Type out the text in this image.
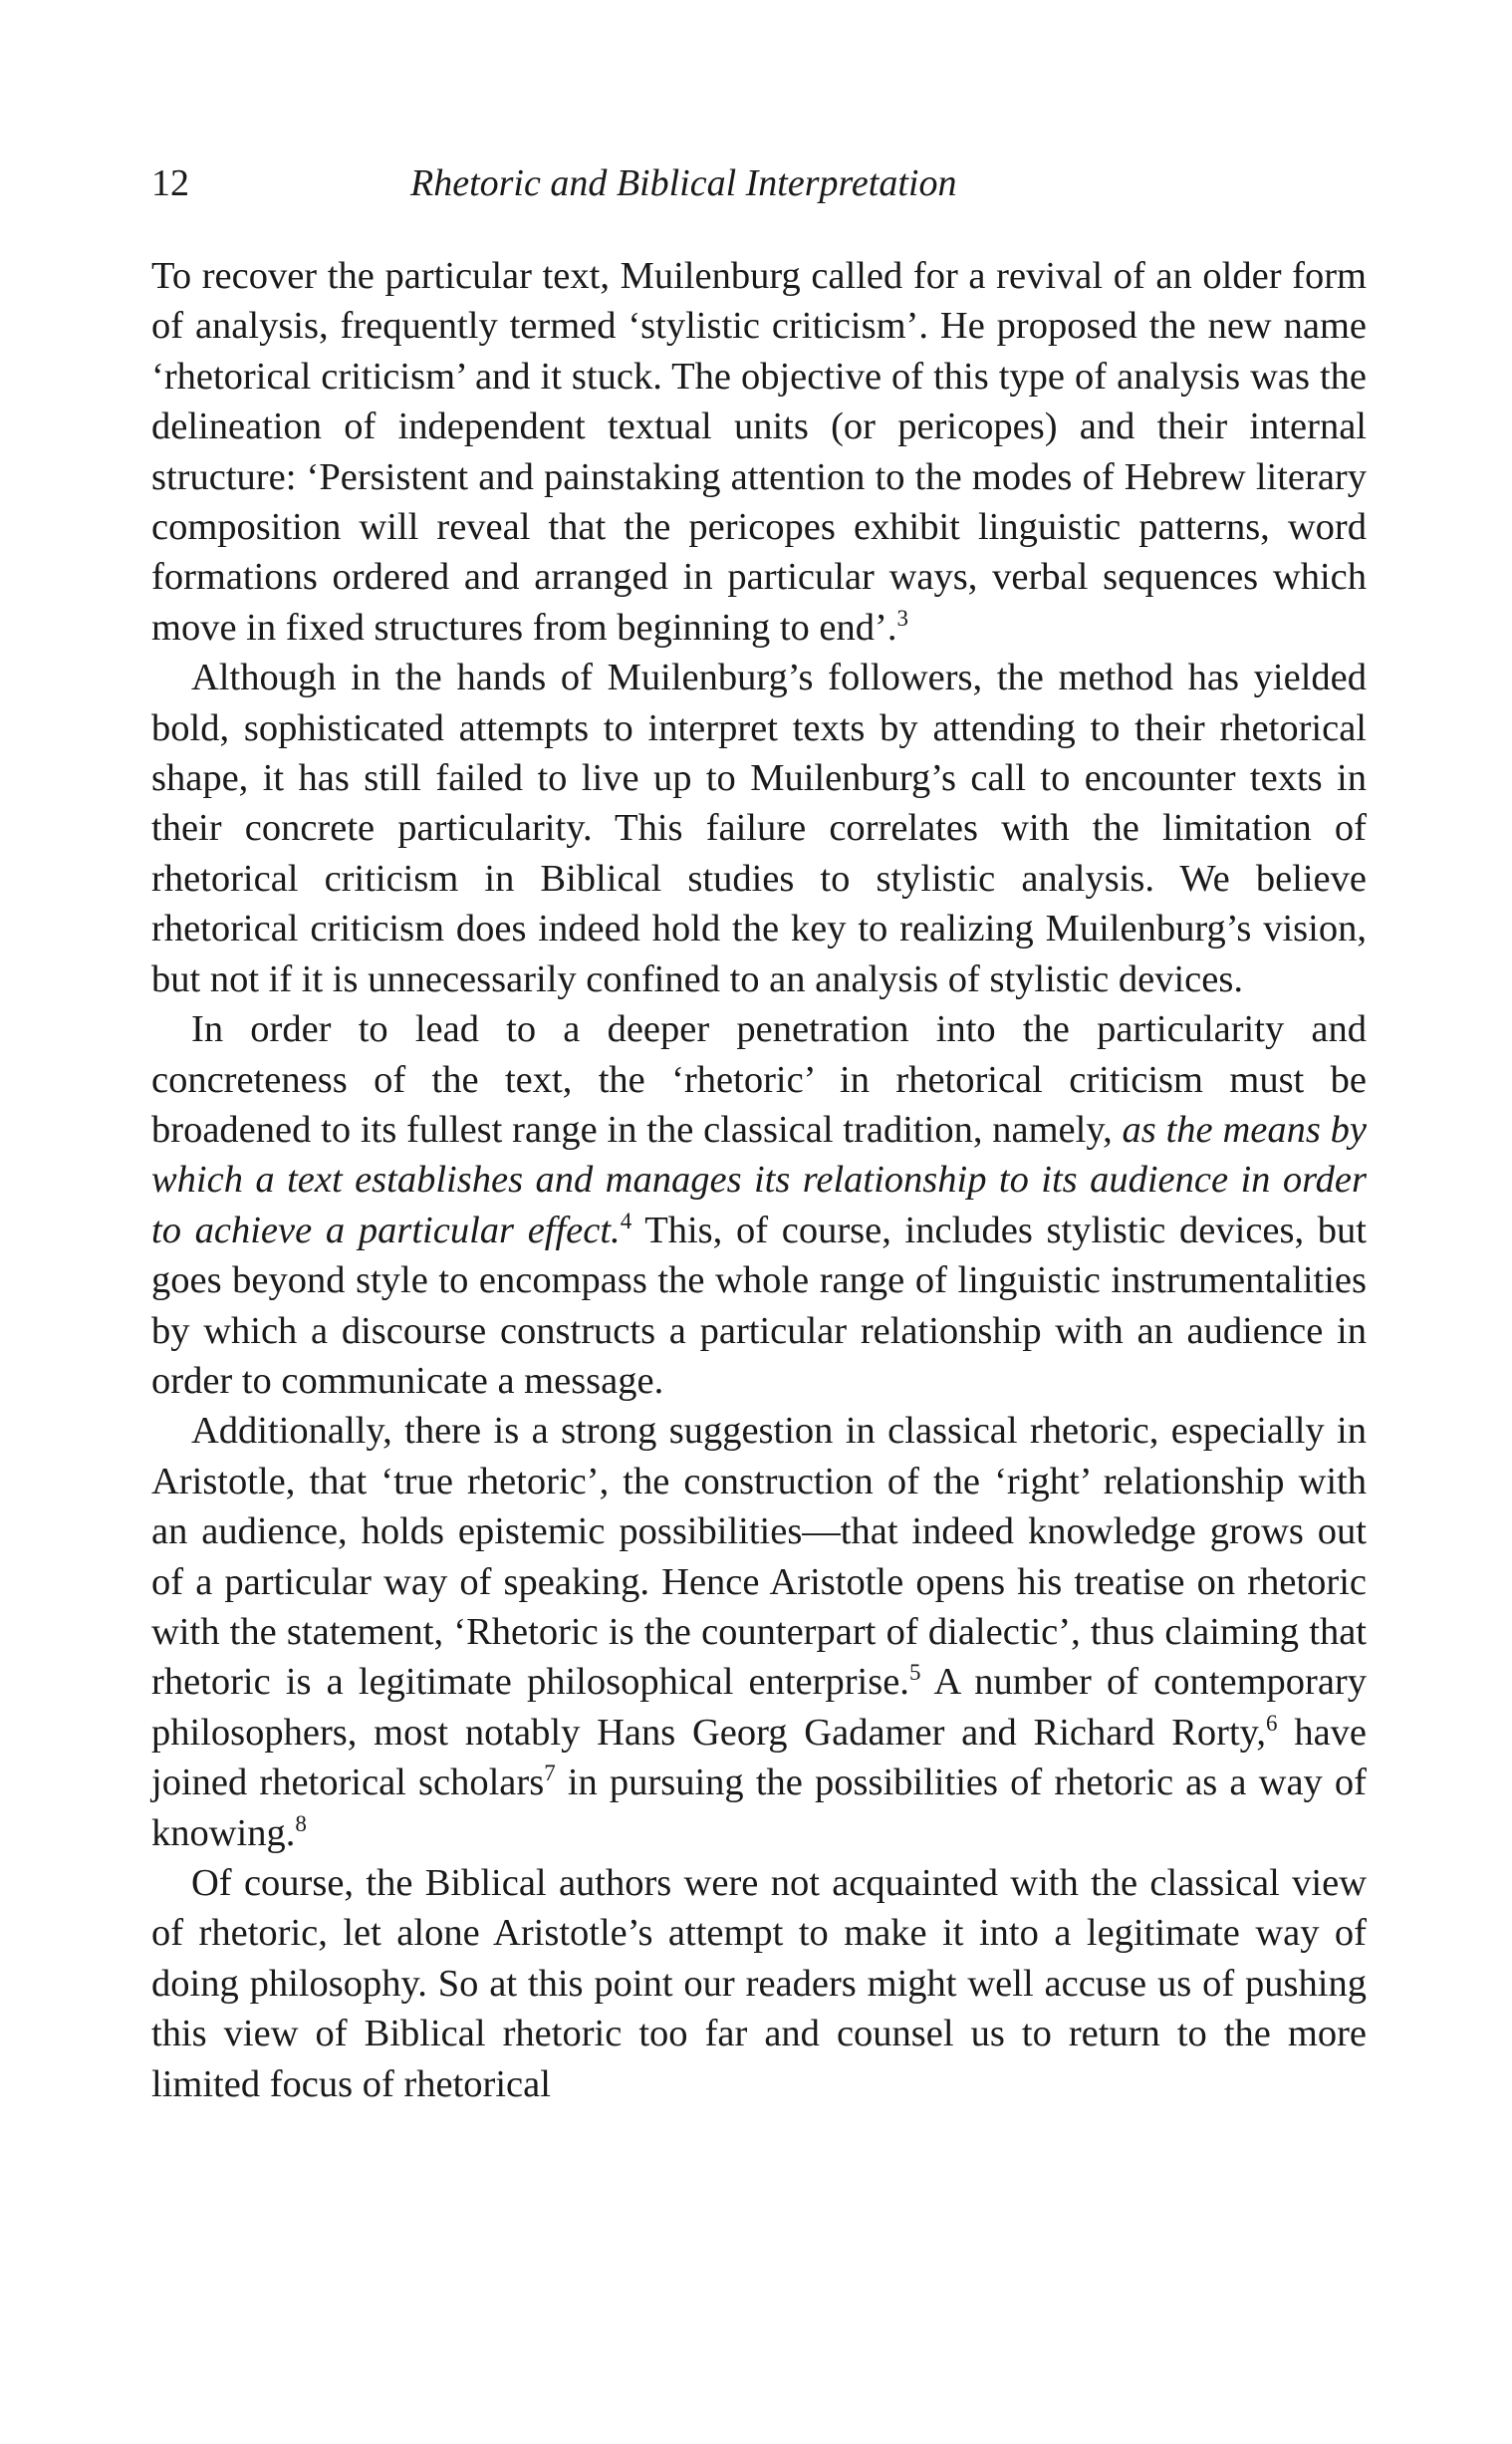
12	Rhetoric and Biblical Interpretation

To recover the particular text, Muilenburg called for a revival of an older form of analysis, frequently termed ‘stylistic criticism’. He proposed the new name ‘rhetorical criticism’ and it stuck. The objective of this type of analysis was the delineation of independent textual units (or pericopes) and their internal structure: ‘Persistent and painstaking attention to the modes of Hebrew literary composition will reveal that the pericopes exhibit linguistic patterns, word formations ordered and arranged in particular ways, verbal sequences which move in fixed structures from beginning to end’.$^3$

Although in the hands of Muilenburg’s followers, the method has yielded bold, sophisticated attempts to interpret texts by attending to their rhetorical shape, it has still failed to live up to Muilenburg’s call to encounter texts in their concrete particularity. This failure correlates with the limitation of rhetorical criticism in Biblical studies to stylistic analysis. We believe rhetorical criticism does indeed hold the key to realizing Muilenburg’s vision, but not if it is unnecessarily confined to an analysis of stylistic devices.

In order to lead to a deeper penetration into the particularity and concreteness of the text, the ‘rhetoric’ in rhetorical criticism must be broadened to its fullest range in the classical tradition, namely, as the means by which a text establishes and manages its relationship to its audience in order to achieve a particular effect.$^4$ This, of course, includes stylistic devices, but goes beyond style to encompass the whole range of linguistic instrumentalities by which a discourse constructs a particular relationship with an audience in order to communicate a message.

Additionally, there is a strong suggestion in classical rhetoric, especially in Aristotle, that ‘true rhetoric’, the construction of the ‘right’ relationship with an audience, holds epistemic possibilities—that indeed knowledge grows out of a particular way of speaking. Hence Aristotle opens his treatise on rhetoric with the statement, ‘Rhetoric is the counterpart of dialectic’, thus claiming that rhetoric is a legitimate philosophical enterprise.$^5$ A number of contemporary philosophers, most notably Hans Georg Gadamer and Richard Rorty,$^6$ have joined rhetorical scholars$^7$ in pursuing the possibilities of rhetoric as a way of knowing.$^8$

Of course, the Biblical authors were not acquainted with the classical view of rhetoric, let alone Aristotle’s attempt to make it into a legitimate way of doing philosophy. So at this point our readers might well accuse us of pushing this view of Biblical rhetoric too far and counsel us to return to the more limited focus of rhetorical
